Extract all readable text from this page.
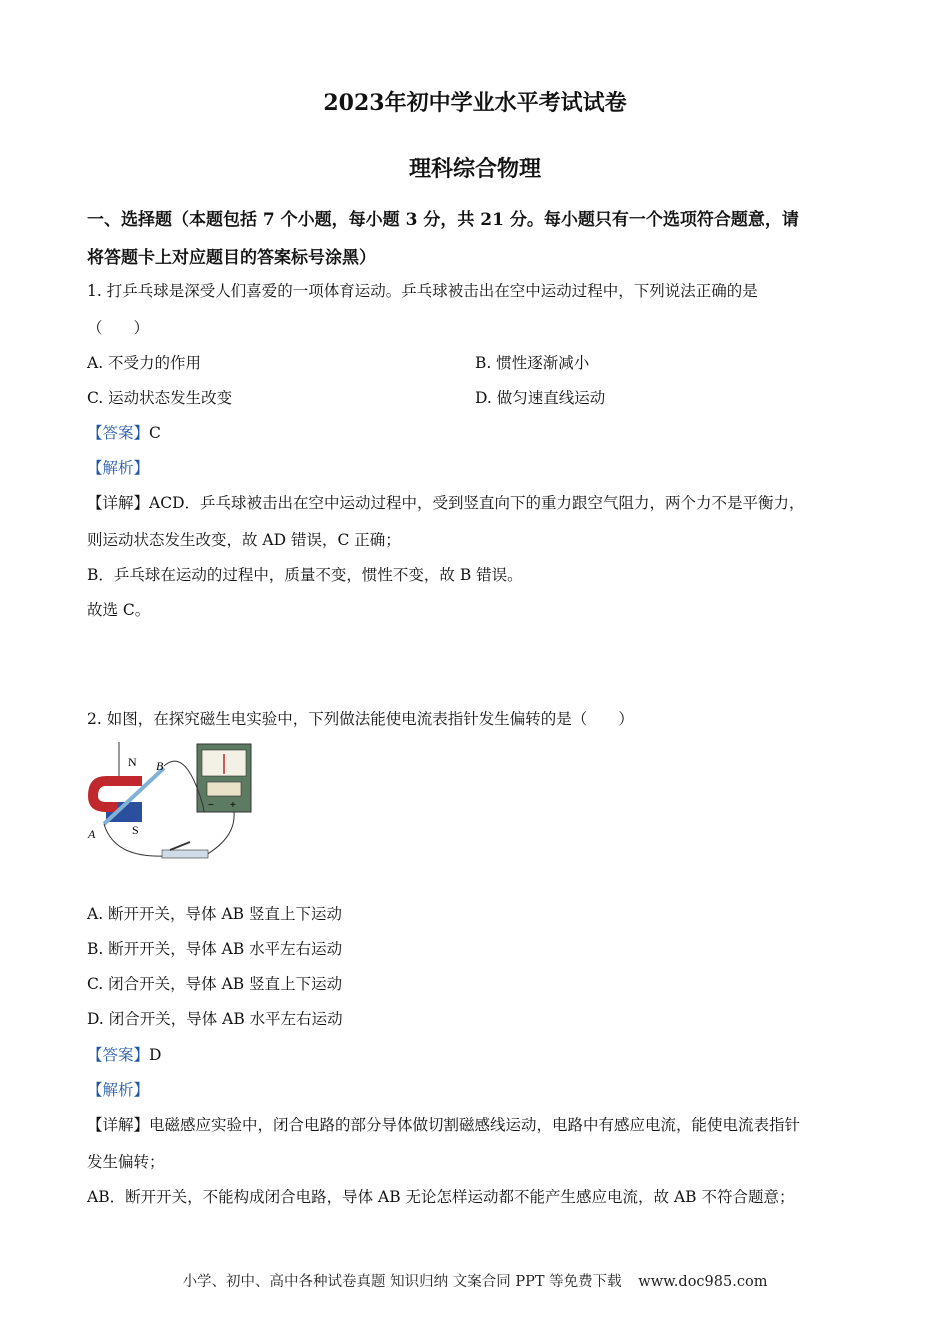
2023年初中学业水平考试试卷
理科综合物理
一、选择题（本题包括 7 个小题，每小题 3 分，共 21 分。每小题只有一个选项符合题意，请
将答题卡上对应题目的答案标号涂黑）
1. 打乒乓球是深受人们喜爱的一项体育运动。乒乓球被击出在空中运动过程中，下列说法正确的是
（　　）
A. 不受力的作用	B. 惯性逐渐减小
C. 运动状态发生改变	D. 做匀速直线运动
【答案】C
【解析】
【详解】ACD．乒乓球被击出在空中运动过程中，受到竖直向下的重力跟空气阻力，两个力不是平衡力，
则运动状态发生改变，故 AD 错误，C 正确；
B．乒乓球在运动的过程中，质量不变，惯性不变，故 B 错误。
故选 C。
2. 如图，在探究磁生电实验中，下列做法能使电流表指针发生偏转的是（　　）
N B
S
A
− +
A. 断开开关，导体 AB 竖直上下运动
B. 断开开关，导体 AB 水平左右运动
C. 闭合开关，导体 AB 竖直上下运动
D. 闭合开关，导体 AB 水平左右运动
【答案】D
【解析】
【详解】电磁感应实验中，闭合电路的部分导体做切割磁感线运动，电路中有感应电流，能使电流表指针
发生偏转；
AB．断开开关，不能构成闭合电路，导体 AB 无论怎样运动都不能产生感应电流，故 AB 不符合题意；
小学、初中、高中各种试卷真题 知识归纳 文案合同 PPT 等免费下载 www.doc985.com
